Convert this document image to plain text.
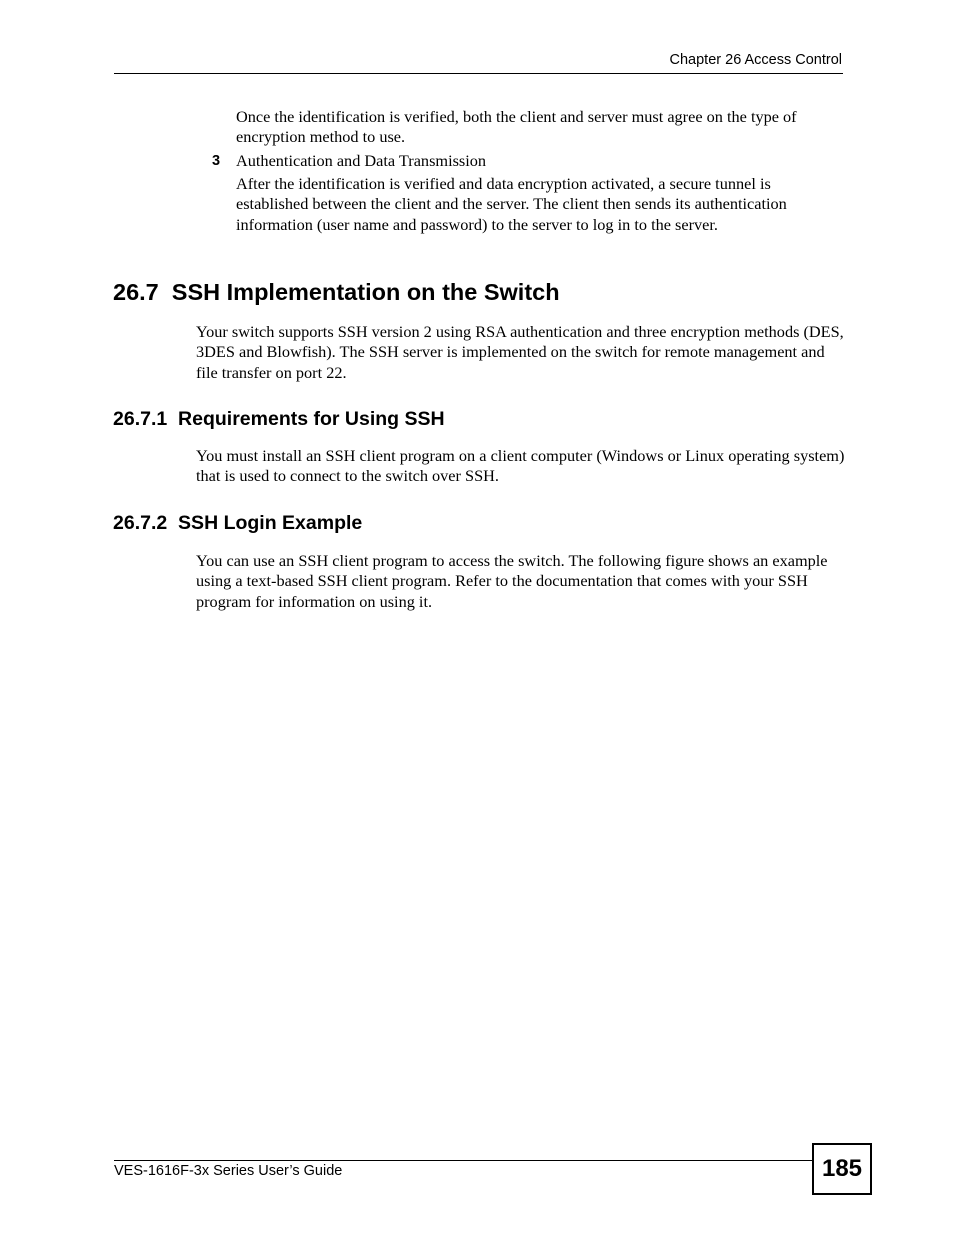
Chapter 26 Access Control

Once the identification is verified, both the client and server must agree on the type of encryption method to use.

3 Authentication and Data Transmission

After the identification is verified and data encryption activated, a secure tunnel is established between the client and the server. The client then sends its authentication information (user name and password) to the server to log in to the server.

26.7  SSH Implementation on the Switch

Your switch supports SSH version 2 using RSA authentication and three encryption methods (DES, 3DES and Blowfish). The SSH server is implemented on the switch for remote management and file transfer on port 22.

26.7.1  Requirements for Using SSH

You must install an SSH client program on a client computer (Windows or Linux operating system) that is used to connect to the switch over SSH.

26.7.2  SSH Login Example

You can use an SSH client program to access the switch. The following figure shows an example using a text-based SSH client program. Refer to the documentation that comes with your SSH program for information on using it.

VES-1616F-3x Series User’s Guide	185
